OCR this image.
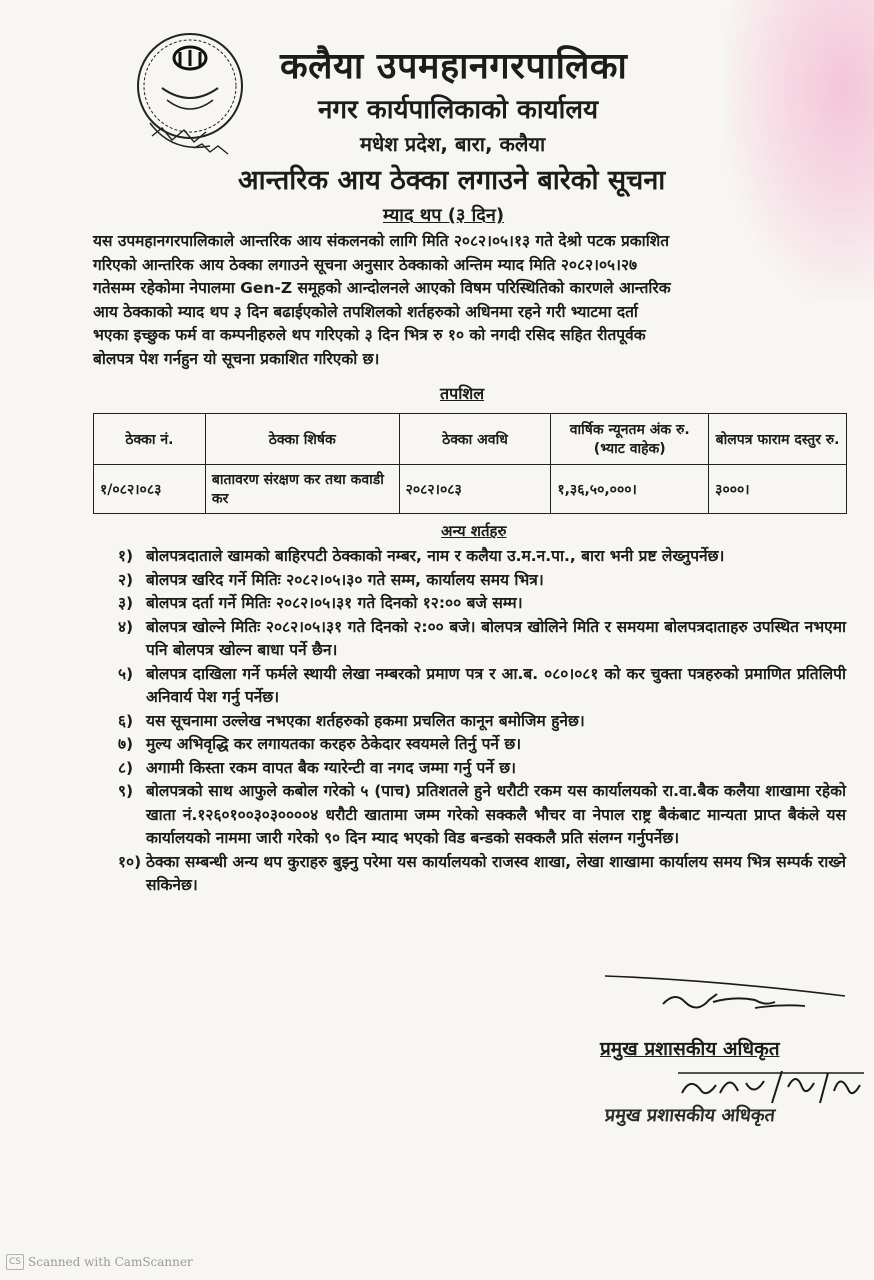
कलैया उपमहानगरपालिका
नगर कार्यपालिकाको कार्यालय
मधेश प्रदेश, बारा, कलैया
आन्तरिक आय ठेक्का लगाउने बारेको सूचना
म्याद थप (३ दिन)
यस उपमहानगरपालिकाले आन्तरिक आय संकलनको लागि मिति २०८२।०५।१३ गते देश्रो पटक प्रकाशित
गरिएको आन्तरिक आय ठेक्का लगाउने सूचना अनुसार ठेक्काको अन्तिम म्याद मिति २०८२।०५।२७
गतेसम्म रहेकोमा नेपालमा Gen-Z समूहको आन्दोलनले आएको विषम परिस्थितिको कारणले आन्तरिक
आय ठेक्काको म्याद थप ३ दिन बढाईएकोले तपशिलको शर्तहरुको अधिनमा रहने गरी भ्याटमा दर्ता
भएका इच्छुक फर्म वा कम्पनीहरुले थप गरिएको ३ दिन भित्र रु १० को नगदी रसिद सहित रीतपूर्वक
बोलपत्र पेश गर्नहुन यो सूचना प्रकाशित गरिएको छ।
तपशिल
ठेक्का नं.	ठेक्का शिर्षक	ठेक्का अवधि	वार्षिक न्यूनतम अंक रु. (भ्याट वाहेक)	बोलपत्र फाराम दस्तुर रु.
१/०८२।०८३	बातावरण संरक्षण कर तथा कवाडी कर	२०८२।०८३	१,३६,५०,०००।	३०००।
अन्य शर्तहरु
१) बोलपत्रदाताले खामको बाहिरपटी ठेक्काको नम्बर, नाम र कलैया उ.म.न.पा., बारा भनी प्रष्ट लेख्नुपर्नेछ।
२) बोलपत्र खरिद गर्ने मितिः २०८२।०५।३० गते सम्म, कार्यालय समय भित्र।
३) बोलपत्र दर्ता गर्ने मितिः २०८२।०५।३१ गते दिनको १२:०० बजे सम्म।
४) बोलपत्र खोल्ने मितिः २०८२।०५।३१ गते दिनको २:०० बजे। बोलपत्र खोलिने मिति र समयमा बोलपत्रदाताहरु उपस्थित नभएमा पनि बोलपत्र खोल्न बाधा पर्ने छैन।
५) बोलपत्र दाखिला गर्ने फर्मले स्थायी लेखा नम्बरको प्रमाण पत्र र आ.ब. ०८०।०८१ को कर चुक्ता पत्रहरुको प्रमाणित प्रतिलिपी अनिवार्य पेश गर्नु पर्नेछ।
६) यस सूचनामा उल्लेख नभएका शर्तहरुको हकमा प्रचलित कानून बमोजिम हुनेछ।
७) मुल्य अभिवृद्धि कर लगायतका करहरु ठेकेदार स्वयमले तिर्नु पर्ने छ।
८) अगामी किस्ता रकम वापत बैक ग्यारेन्टी वा नगद जम्मा गर्नु पर्ने छ।
९) बोलपत्रको साथ आफुले कबोल गरेको ५ (पाच) प्रतिशतले हुने धरौटी रकम यस कार्यालयको रा.वा.बैक कलैया शाखामा रहेको खाता नं.१२६०१००३०३००००४ धरौटी खातामा जम्म गरेको सक्कलै भौचर वा नेपाल राष्ट्र बैकंबाट मान्यता प्राप्त बैकंले यस कार्यालयको नाममा जारी गरेको ९० दिन म्याद भएको विड बन्डको सक्कलै प्रति संलग्न गर्नुपर्नेछ।
१०) ठेक्का सम्बन्धी अन्य थप कुराहरु बुझ्नु परेमा यस कार्यालयको राजस्व शाखा, लेखा शाखामा कार्यालय समय भित्र सम्पर्क राख्ने सकिनेछ।
प्रमुख प्रशासकीय अधिकृत
प्रमुख प्रशासकीय अधिकृत
CS Scanned with CamScanner
